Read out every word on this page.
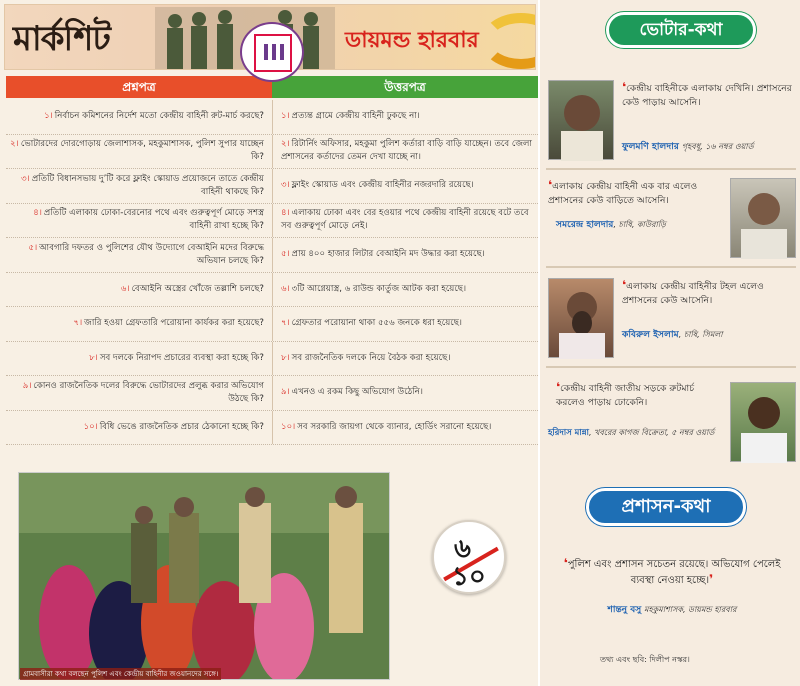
মার্কশিট	ডায়মন্ড হারবার
প্রশ্নপত্র	উত্তরপত্র
১। নির্বাচন কমিশনের নির্দেশ মতো কেন্দ্রীয় বাহিনী রুট-মার্চ করছে? ১। প্রত্যন্ত গ্রামে কেন্দ্রীয় বাহিনী ঢুকছে না।
২। ভোটারদের দোরগোড়ায় জেলাশাসক, মহকুমাশাসক, পুলিশ সুপার যাচ্ছেন কি?
২। রিটার্নিং অফিসার, মহকুমা পুলিশ কর্তারা বাড়ি বাড়ি যাচ্ছেন। তবে জেলা প্রশাসনের কর্তাদের তেমন দেখা যাচ্ছে না।
৩। প্রতিটি বিধানসভায় দু’টি করে ফ্লাইং স্কোয়াড প্রয়োজনে তাতে কেন্দ্রীয় বাহিনী থাকছে কি?
৩। ফ্লাইং স্কোয়াড এবং কেন্দ্রীয় বাহিনীর নজরদারি রয়েছে।
৪। প্রতিটি এলাকায় ঢোকা-বেরনোর পথে এবং গুরুত্বপূর্ণ মোড়ে সশস্ত্র বাহিনী রাখা হচ্ছে কি?
৪। এলাকায় ঢোকা এবং বের হওয়ার পথে কেন্দ্রীয় বাহিনী রয়েছে বটে তবে সব গুরুত্বপূর্ণ মোড়ে নেই।
৫। আবগারি দফতর ও পুলিশের যৌথ উদ্যোগে বেআইনি মদের বিরুদ্ধে অভিযান চলছে কি?
৫। প্রায় ৪০০ হাজার লিটার বেআইনি মদ উদ্ধার করা হয়েছে।
৬। বেআইনি অস্ত্রের খোঁজে তল্লাশি চলছে? ৬। ৩টি আগ্নেয়াস্ত্র, ৬ রাউন্ড কার্তুজ আটক করা হয়েছে।
৭। জারি হওয়া গ্রেফতারি পরোয়ানা কার্যকর করা হয়েছে? ৭। গ্রেফতার পরোয়ানা থাকা ৫৫৬ জনকে ধরা হয়েছে।
৮। সব দলকে নিরাপদ প্রচারের ব্যবস্থা করা হচ্ছে কি? ৮। সব রাজনৈতিক দলকে নিয়ে বৈঠক করা হয়েছে।
৯। কোনও রাজনৈতিক দলের বিরুদ্ধে ভোটারদের প্রলুব্ধ করার অভিযোগ উঠছে কি?
৯। এখনও এ রকম কিছু অভিযোগ উঠেনি।
১০। বিধি ভেঙে রাজনৈতিক প্রচার ঠেকানো হচ্ছে কি? ১০। সব সরকারি জায়গা থেকে ব্যানার, হোর্ডিং সরানো হয়েছে।
গ্রামবাসীরা কথা বলছেন পুলিশ এবং কেন্দ্রীয় বাহিনীর জওয়ানদের সঙ্গে।
৬
১০
ভোটার-কথা
❛কেন্দ্রীয় বাহিনীকে এলাকায় দেখিনি। প্রশাসনের কেউ পাড়ায় আসেনি।
ফুলমণি হালদার গৃহবধূ, ১৬ নম্বর ওয়ার্ড
❛এলাকায় কেন্দ্রীয় বাহিনী এক বার এলেও প্রশাসনের কেউ বাড়িতে আসেনি।
সমরেন্দ্র হালদার, চাষি, কাউরাড়ি
❛এলাকায় কেন্দ্রীয় বাহিনীর টহল এলেও প্রশাসনের কেউ আসেনি।
কবিরুল ইসলাম, চাষি, সিমলা
❛কেন্দ্রীয় বাহিনী জাতীয় সড়কে রুটমার্চ করলেও পাড়ায় ঢোকেনি।
হরিদাস মান্না, খবরের কাগজ বিক্রেতা, ৫ নম্বর ওয়ার্ড
প্রশাসন-কথা
❛পুলিশ এবং প্রশাসন সচেতন রয়েছে। অভিযোগ পেলেই ব্যবস্থা নেওয়া হচ্ছে।❜
শান্তনু বসু মহকুমাশাসক, ডায়মন্ড হারবার
তথ্য এবং ছবি: দিলীপ নস্কর।
